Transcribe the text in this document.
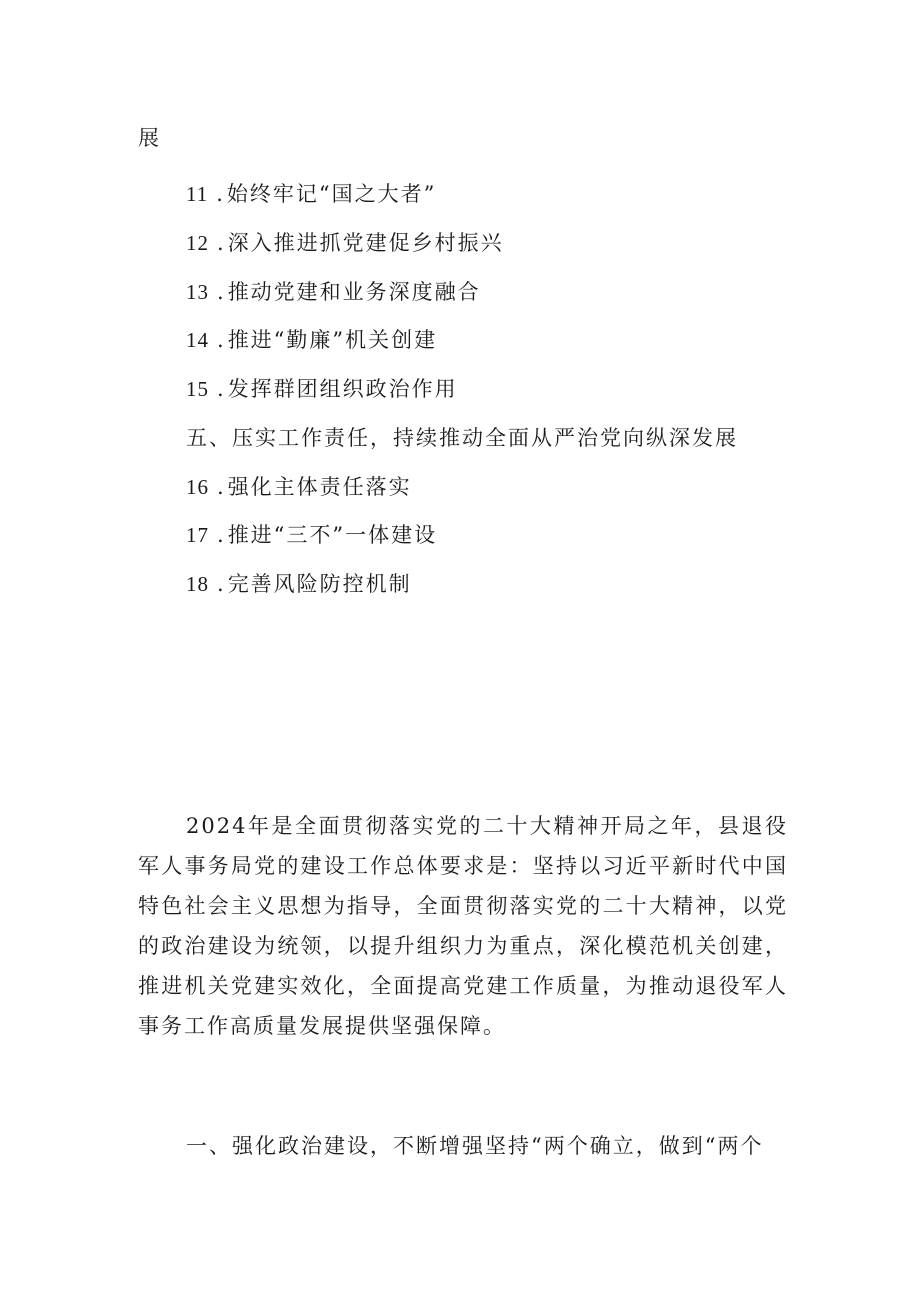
展
11 .始终牢记“国之大者”
12 .深入推进抓党建促乡村振兴
13 .推动党建和业务深度融合
14 .推进“勤廉”机关创建
15 .发挥群团组织政治作用
五、压实工作责任，持续推动全面从严治党向纵深发展
16 .强化主体责任落实
17 .推进“三不”一体建设
18 .完善风险防控机制

2024年是全面贯彻落实党的二十大精神开局之年，县退役军人事务局党的建设工作总体要求是：坚持以习近平新时代中国特色社会主义思想为指导，全面贯彻落实党的二十大精神，以党的政治建设为统领，以提升组织力为重点，深化模范机关创建，推进机关党建实效化，全面提高党建工作质量，为推动退役军人事务工作高质量发展提供坚强保障。

一、强化政治建设，不断增强坚持“两个确立，做到“两个
